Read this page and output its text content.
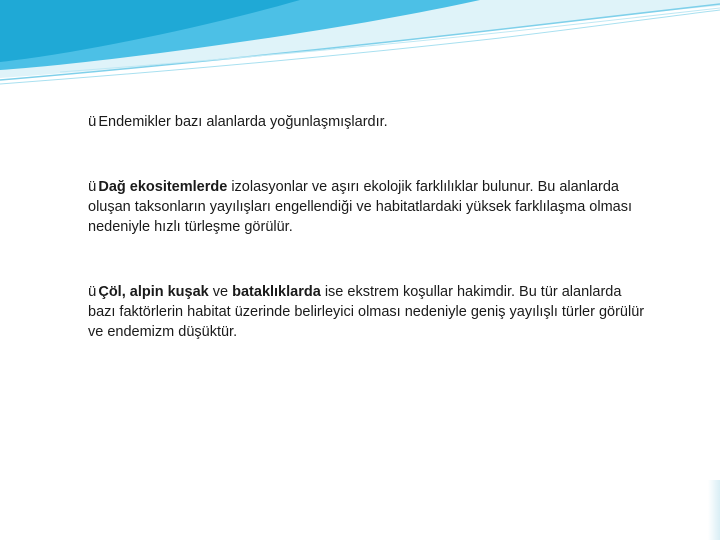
ü Endemikler bazı alanlarda yoğunlaşmışlardır.

ü Dağ ekositemlerde izolasyonlar ve aşırı ekolojik farklılıklar bulunur. Bu alanlarda oluşan taksonların yayılışları engellendiği ve habitatlardaki yüksek farklılaşma olması nedeniyle hızlı türleşme görülür.

ü Çöl, alpin kuşak ve bataklıklarda ise ekstrem koşullar hakimdir. Bu tür alanlarda bazı faktörlerin habitat üzerinde belirleyici olması nedeniyle geniş yayılışlı türler görülür ve endemizm düşüktür.
